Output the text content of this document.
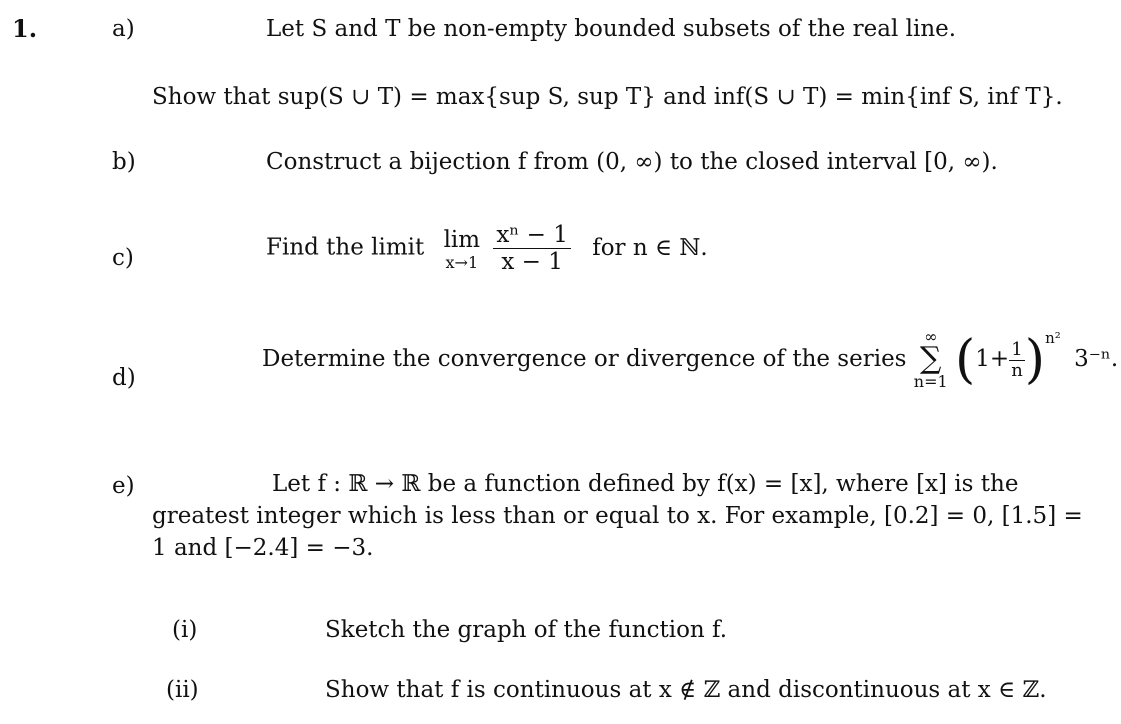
1.	a)	Let S and T be non-empty bounded subsets of the real line.
Show that sup(S ∪ T) = max{sup S, sup T} and inf(S ∪ T) = min{inf S, inf T}.
b)	Construct a bijection f from (0, ∞) to the closed interval [0, ∞).
c)	Find the limit lim
x→1
$\frac{\text{xⁿ − 1}}{x - 1}$ for n ∈ ℕ.
d)
Determine the convergence or divergence of the series
∞
∑
n=1 $(1+ \frac{1}{n} )^{n^2}$ 3⁻ⁿ.
e)	Let f : ℝ → ℝ be a function defined by f(x) = [x], where [x] is the greatest integer which is less than or equal to x. For example, [0.2] = 0, [1.5] = 1 and [−2.4] = −3.
(i)	Sketch the graph of the function f.
(ii)	Show that f is continuous at x ∉ ℤ and discontinuous at x ∈ ℤ.
